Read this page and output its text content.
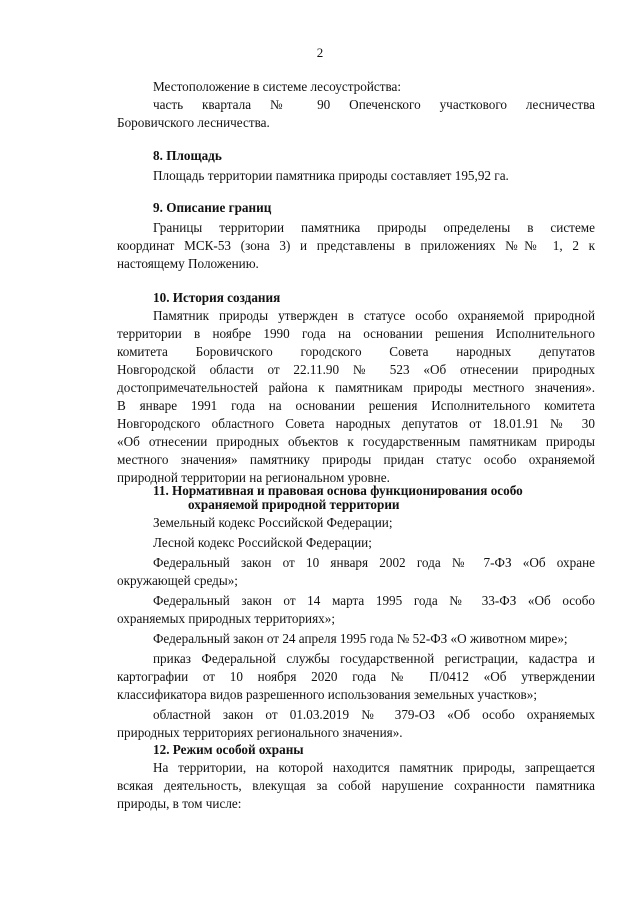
2
Местоположение в системе лесоустройства:
часть квартала № 90 Опеченского участкового лесничества
Боровичского лесничества.
8. Площадь
Площадь территории памятника природы составляет 195,92 га.
9. Описание границ
Границы территории памятника природы определены в системе
координат МСК-53 (зона 3) и представлены в приложениях №№ 1, 2 к
настоящему Положению.
10. История создания
Памятник природы утвержден в статусе особо охраняемой природной
территории в ноябре 1990 года на основании решения Исполнительного
комитета Боровичского городского Совета народных депутатов
Новгородской области от 22.11.90 № 523 «Об отнесении природных
достопримечательностей района к памятникам природы местного значения».
В январе 1991 года на основании решения Исполнительного комитета
Новгородского областного Совета народных депутатов от 18.01.91 № 30
«Об отнесении природных объектов к государственным памятникам природы
местного значения» памятнику природы придан статус особо охраняемой
природной территории на региональном уровне.
11. Нормативная и правовая основа функционирования особо
охраняемой природной территории
Земельный кодекс Российской Федерации;
Лесной кодекс Российской Федерации;
Федеральный закон от 10 января 2002 года № 7-ФЗ «Об охране
окружающей среды»;
Федеральный закон от 14 марта 1995 года № 33-ФЗ «Об особо
охраняемых природных территориях»;
Федеральный закон от 24 апреля 1995 года № 52-ФЗ «О животном мире»;
приказ Федеральной службы государственной регистрации, кадастра и
картографии от 10 ноября 2020 года № П/0412 «Об утверждении
классификатора видов разрешенного использования земельных участков»;
областной закон от 01.03.2019 № 379-ОЗ «Об особо охраняемых
природных территориях регионального значения».
12. Режим особой охраны
На территории, на которой находится памятник природы, запрещается
всякая деятельность, влекущая за собой нарушение сохранности памятника
природы, в том числе:
